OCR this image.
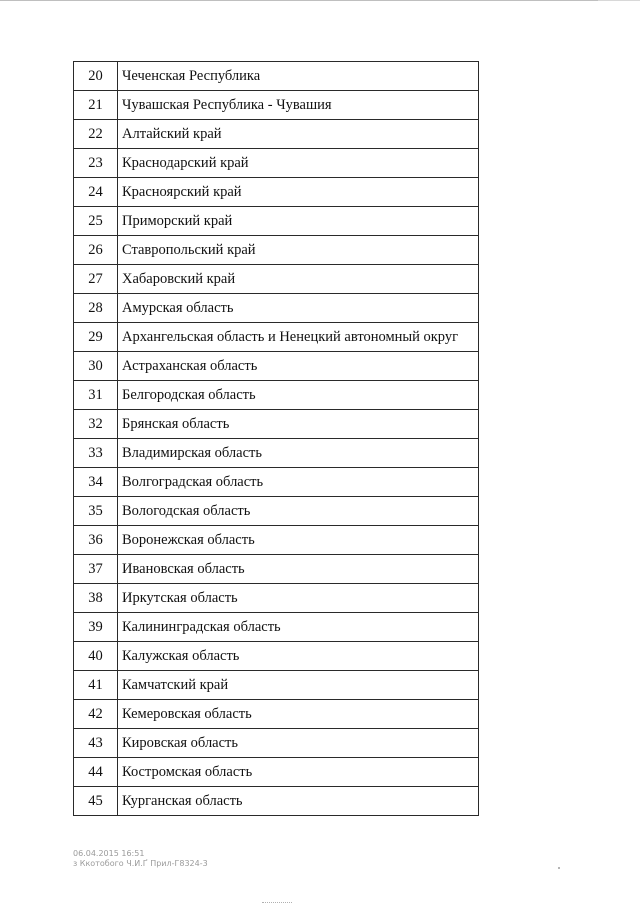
20	Чеченская Республика
21	Чувашская Республика - Чувашия
22	Алтайский край
23	Краснодарский край
24	Красноярский край
25	Приморский край
26	Ставропольский край
27	Хабаровский край
28	Амурская область
29	Архангельская область и Ненецкий автономный округ
30	Астраханская область
31	Белгородская область
32	Брянская область
33	Владимирская область
34	Волгоградская область
35	Вологодская область
36	Воронежская область
37	Ивановская область
38	Иркутская область
39	Калининградская область
40	Калужская область
41	Камчатский край
42	Кемеровская область
43	Кировская область
44	Костромская область
45	Курганская область
06.04.2015 16:51
з Ккотобого Ч.И.Ґ Прил-Г8324-3
